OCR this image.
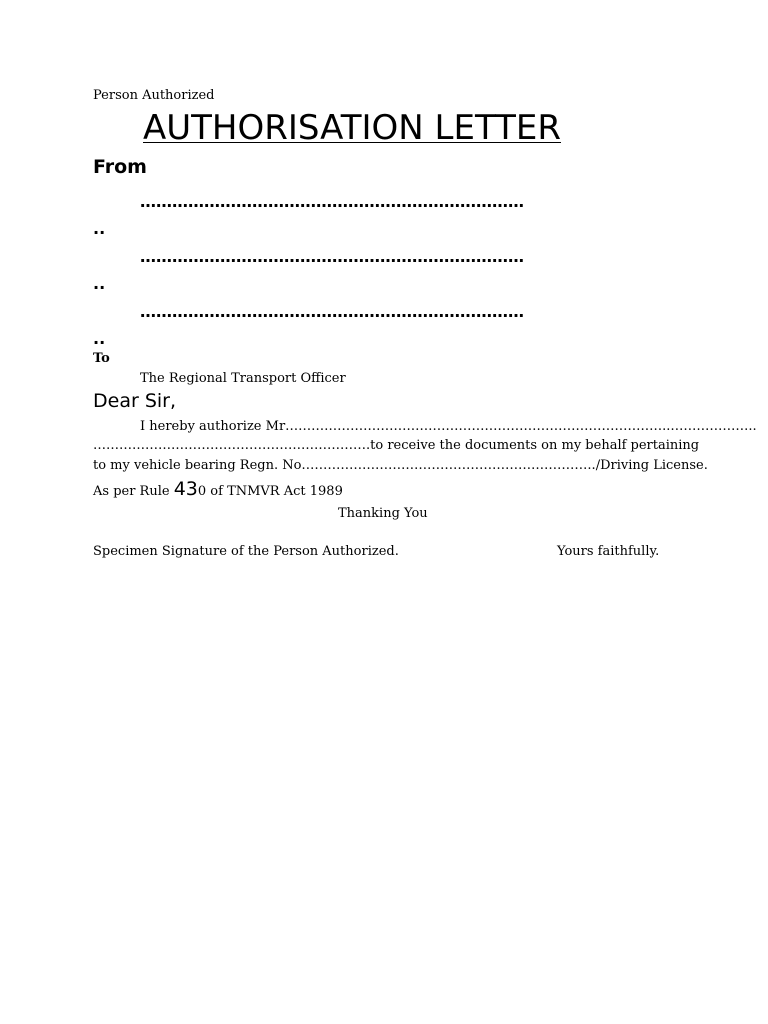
Person Authorized
AUTHORISATION LETTER
From
………………………………………………………………
..
………………………………………………………………
..
………………………………………………………………
..
To
The Regional Transport Officer
Dear Sir,
I hereby authorize Mr……………………………………………………………………………..………………..
……………………………………………………….to receive the documents on my behalf pertaining
to my vehicle bearing Regn. No…………………………………………………………../Driving License.
As per Rule 430 of TNMVR Act 1989
Thanking You
Specimen Signature of the Person Authorized.	Yours faithfully.
